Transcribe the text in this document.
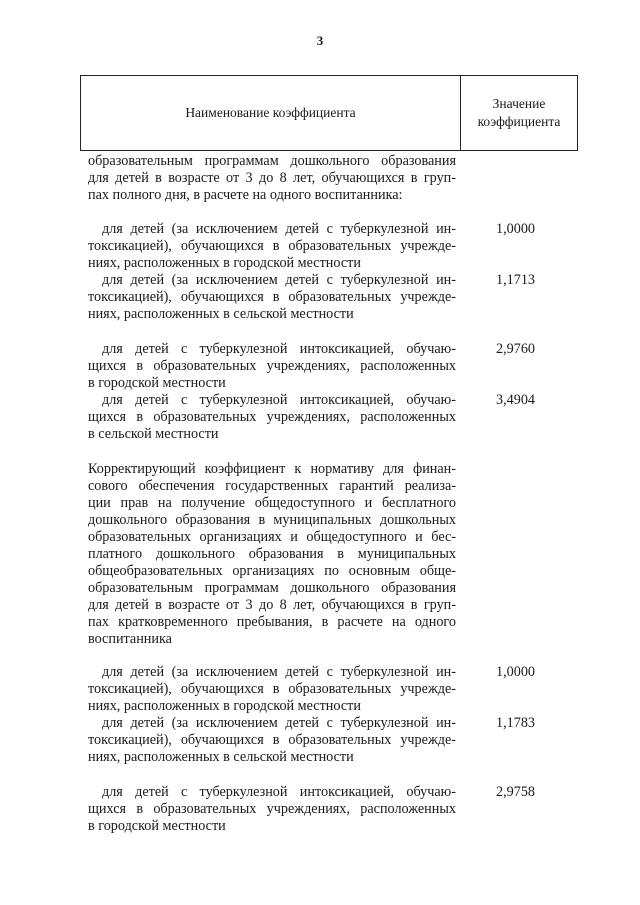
3
Наименование коэффициента
Значение
коэффициента
образовательным программам дошкольного образования
для детей в возрасте от 3 до 8 лет, обучающихся в груп-
пах полного дня, в расчете на одного воспитанника:
для детей (за исключением детей с туберкулезной ин-
токсикацией), обучающихся в образовательных учрежде-
ниях, расположенных в городской местности
1,0000
для детей (за исключением детей с туберкулезной ин-
токсикацией), обучающихся в образовательных учрежде-
ниях, расположенных в сельской местности
1,1713
для детей с туберкулезной интоксикацией, обучаю-
щихся в образовательных учреждениях, расположенных
в городской местности
2,9760
для детей с туберкулезной интоксикацией, обучаю-
щихся в образовательных учреждениях, расположенных
в сельской местности
3,4904
Корректирующий коэффициент к нормативу для финан-
сового обеспечения государственных гарантий реализа-
ции прав на получение общедоступного и бесплатного
дошкольного образования в муниципальных дошкольных
образовательных организациях и общедоступного и бес-
платного дошкольного образования в муниципальных
общеобразовательных организациях по основным обще-
образовательным программам дошкольного образования
для детей в возрасте от 3 до 8 лет, обучающихся в груп-
пах кратковременного пребывания, в расчете на одного
воспитанника
для детей (за исключением детей с туберкулезной ин-
токсикацией), обучающихся в образовательных учрежде-
ниях, расположенных в городской местности
1,0000
для детей (за исключением детей с туберкулезной ин-
токсикацией), обучающихся в образовательных учрежде-
ниях, расположенных в сельской местности
1,1783
для детей с туберкулезной интоксикацией, обучаю-
щихся в образовательных учреждениях, расположенных
в городской местности
2,9758
